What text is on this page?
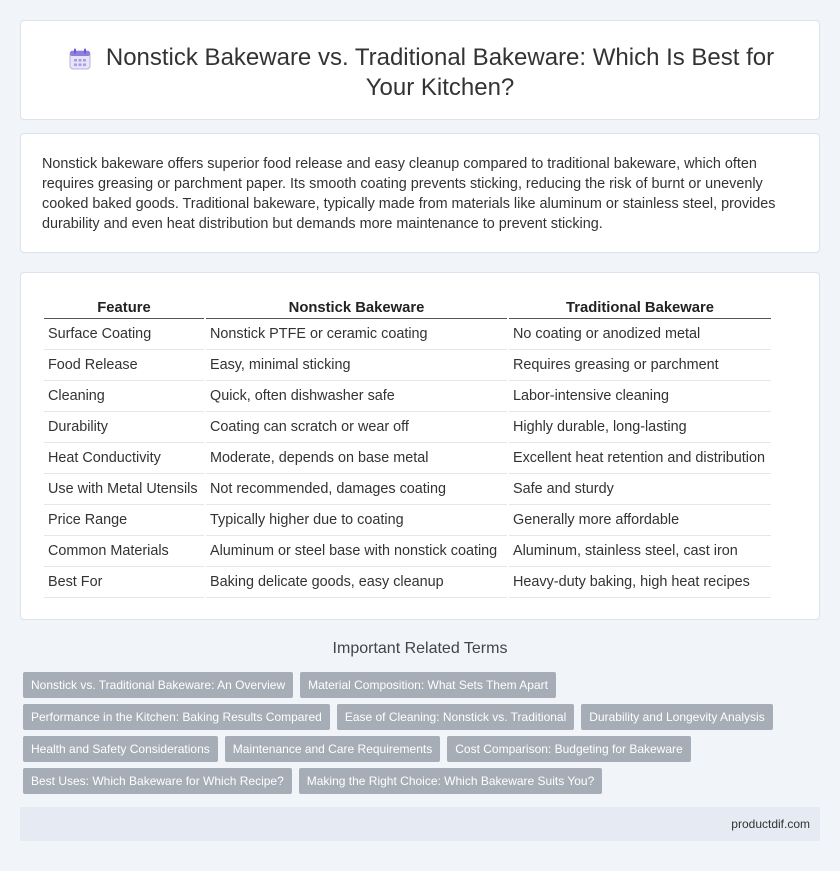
Nonstick Bakeware vs. Traditional Bakeware: Which Is Best for Your Kitchen?

Nonstick bakeware offers superior food release and easy cleanup compared to traditional bakeware, which often requires greasing or parchment paper. Its smooth coating prevents sticking, reducing the risk of burnt or unevenly cooked baked goods. Traditional bakeware, typically made from materials like aluminum or stainless steel, provides durability and even heat distribution but demands more maintenance to prevent sticking.

Feature	Nonstick Bakeware	Traditional Bakeware
Surface Coating	Nonstick PTFE or ceramic coating	No coating or anodized metal
Food Release	Easy, minimal sticking	Requires greasing or parchment
Cleaning	Quick, often dishwasher safe	Labor-intensive cleaning
Durability	Coating can scratch or wear off	Highly durable, long-lasting
Heat Conductivity	Moderate, depends on base metal	Excellent heat retention and distribution
Use with Metal Utensils	Not recommended, damages coating	Safe and sturdy
Price Range	Typically higher due to coating	Generally more affordable
Common Materials	Aluminum or steel base with nonstick coating	Aluminum, stainless steel, cast iron
Best For	Baking delicate goods, easy cleanup	Heavy-duty baking, high heat recipes
Important Related Terms
Nonstick vs. Traditional Bakeware: An Overview	Material Composition: What Sets Them Apart
Performance in the Kitchen: Baking Results Compared	Ease of Cleaning: Nonstick vs. Traditional	Durability and Longevity Analysis
Health and Safety Considerations	Maintenance and Care Requirements	Cost Comparison: Budgeting for Bakeware
Best Uses: Which Bakeware for Which Recipe?	Making the Right Choice: Which Bakeware Suits You?
productdif.com
